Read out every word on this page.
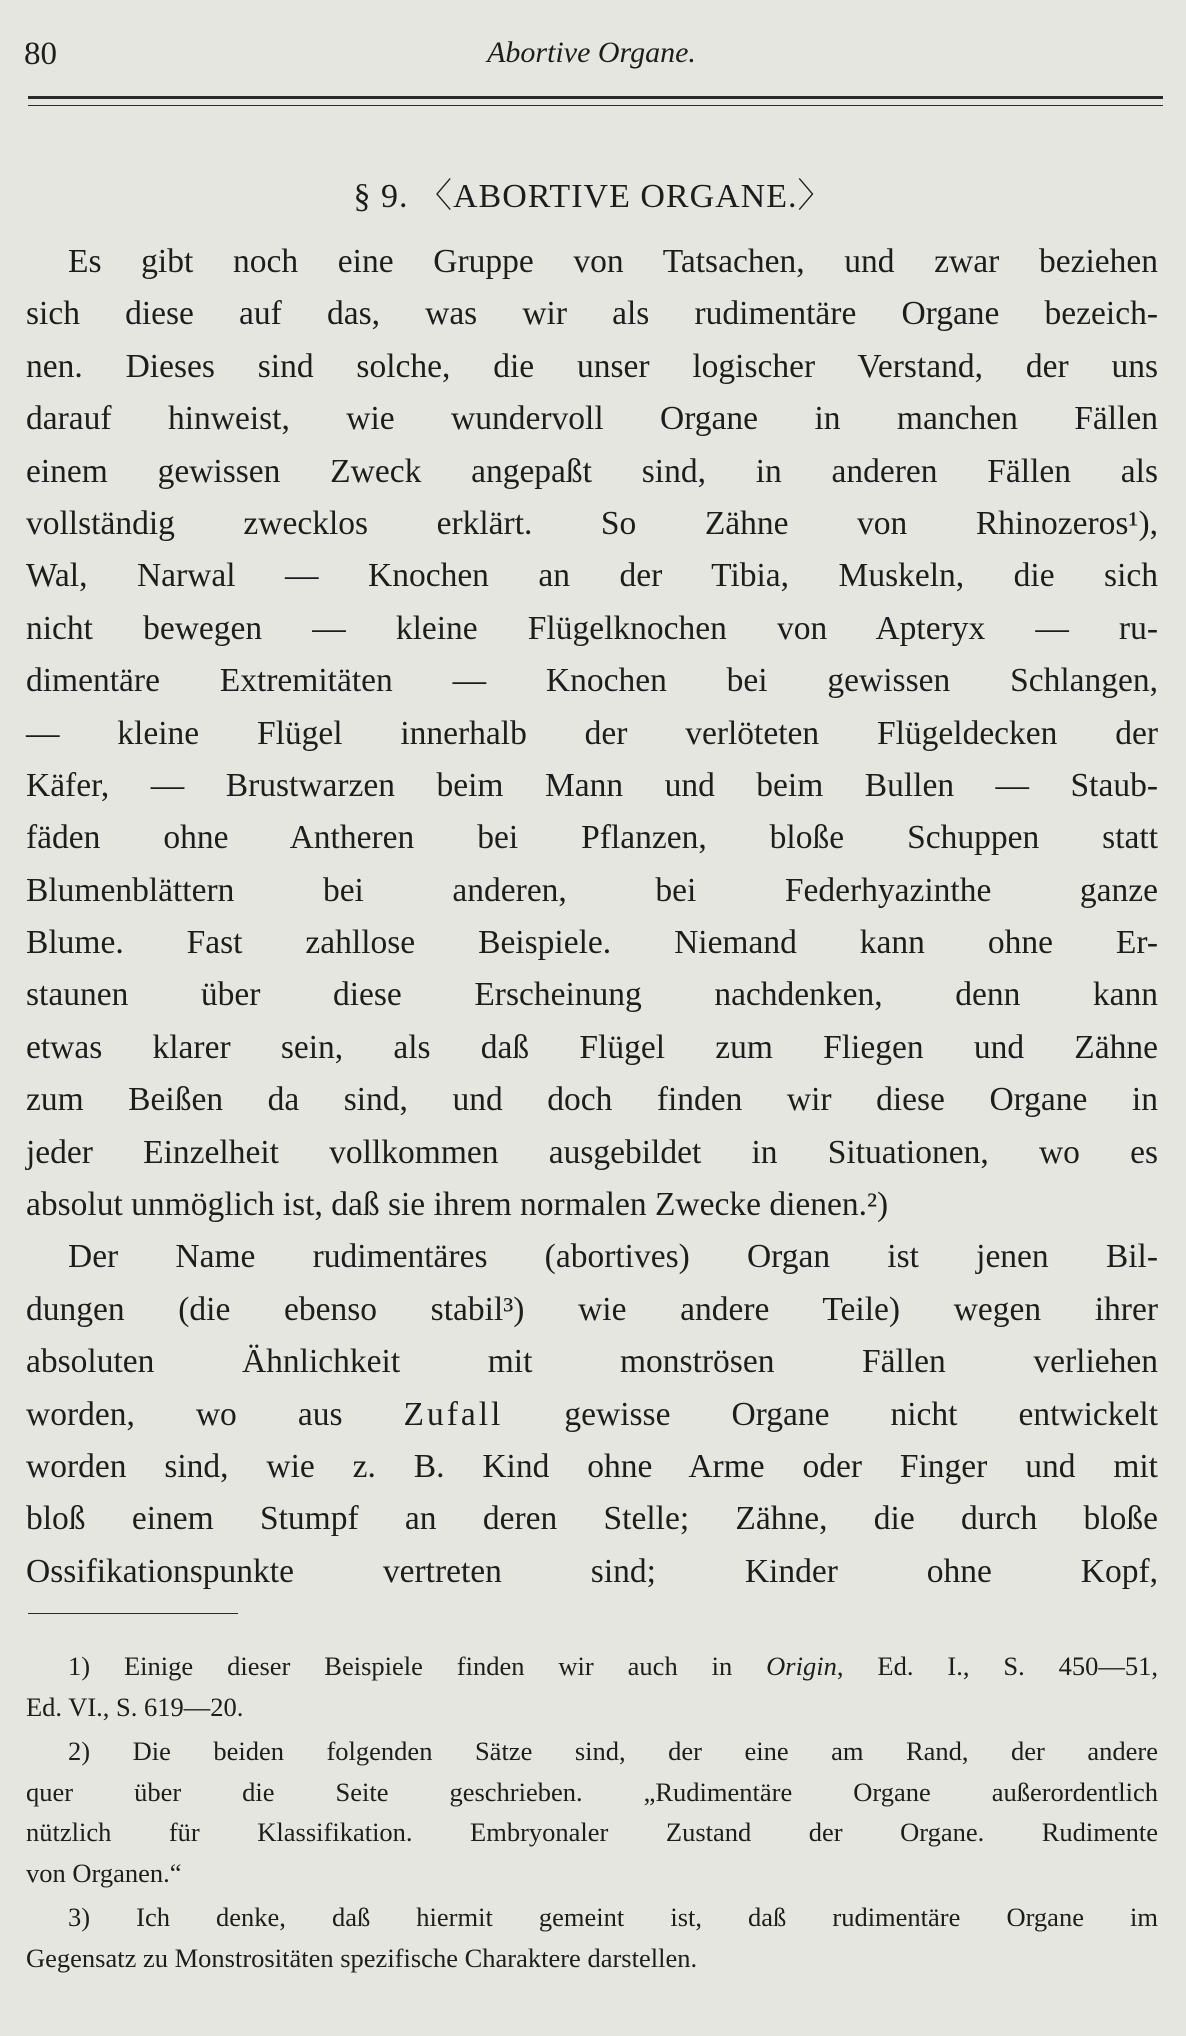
80	Abortive Organe.
§ 9. 〈ABORTIVE ORGANE.〉
Es gibt noch eine Gruppe von Tatsachen, und zwar beziehen
sich diese auf das, was wir als rudimentäre Organe bezeich-
nen. Dieses sind solche, die unser logischer Verstand, der uns
darauf hinweist, wie wundervoll Organe in manchen Fällen
einem gewissen Zweck angepaßt sind, in anderen Fällen als
vollständig zwecklos erklärt. So Zähne von Rhinozeros¹),
Wal, Narwal — Knochen an der Tibia, Muskeln, die sich
nicht bewegen — kleine Flügelknochen von Apteryx — ru-
dimentäre Extremitäten — Knochen bei gewissen Schlangen,
— kleine Flügel innerhalb der verlöteten Flügeldecken der
Käfer, — Brustwarzen beim Mann und beim Bullen — Staub-
fäden ohne Antheren bei Pflanzen, bloße Schuppen statt
Blumenblättern bei anderen, bei Federhyazinthe ganze
Blume. Fast zahllose Beispiele. Niemand kann ohne Er-
staunen über diese Erscheinung nachdenken, denn kann
etwas klarer sein, als daß Flügel zum Fliegen und Zähne
zum Beißen da sind, und doch finden wir diese Organe in
jeder Einzelheit vollkommen ausgebildet in Situationen, wo es
absolut unmöglich ist, daß sie ihrem normalen Zwecke dienen.²)
Der Name rudimentäres (abortives) Organ ist jenen Bil-
dungen (die ebenso stabil³) wie andere Teile) wegen ihrer
absoluten Ähnlichkeit mit monströsen Fällen verliehen
worden, wo aus Zufall gewisse Organe nicht entwickelt
worden sind, wie z. B. Kind ohne Arme oder Finger und mit
bloß einem Stumpf an deren Stelle; Zähne, die durch bloße
Ossifikationspunkte vertreten sind; Kinder ohne Kopf,
1) Einige dieser Beispiele finden wir auch in Origin, Ed. I., S. 450—51,
Ed. VI., S. 619—20.
2) Die beiden folgenden Sätze sind, der eine am Rand, der andere
quer über die Seite geschrieben. „Rudimentäre Organe außerordentlich
nützlich für Klassifikation. Embryonaler Zustand der Organe. Rudimente
von Organen.“
3) Ich denke, daß hiermit gemeint ist, daß rudimentäre Organe im
Gegensatz zu Monstrositäten spezifische Charaktere darstellen.
